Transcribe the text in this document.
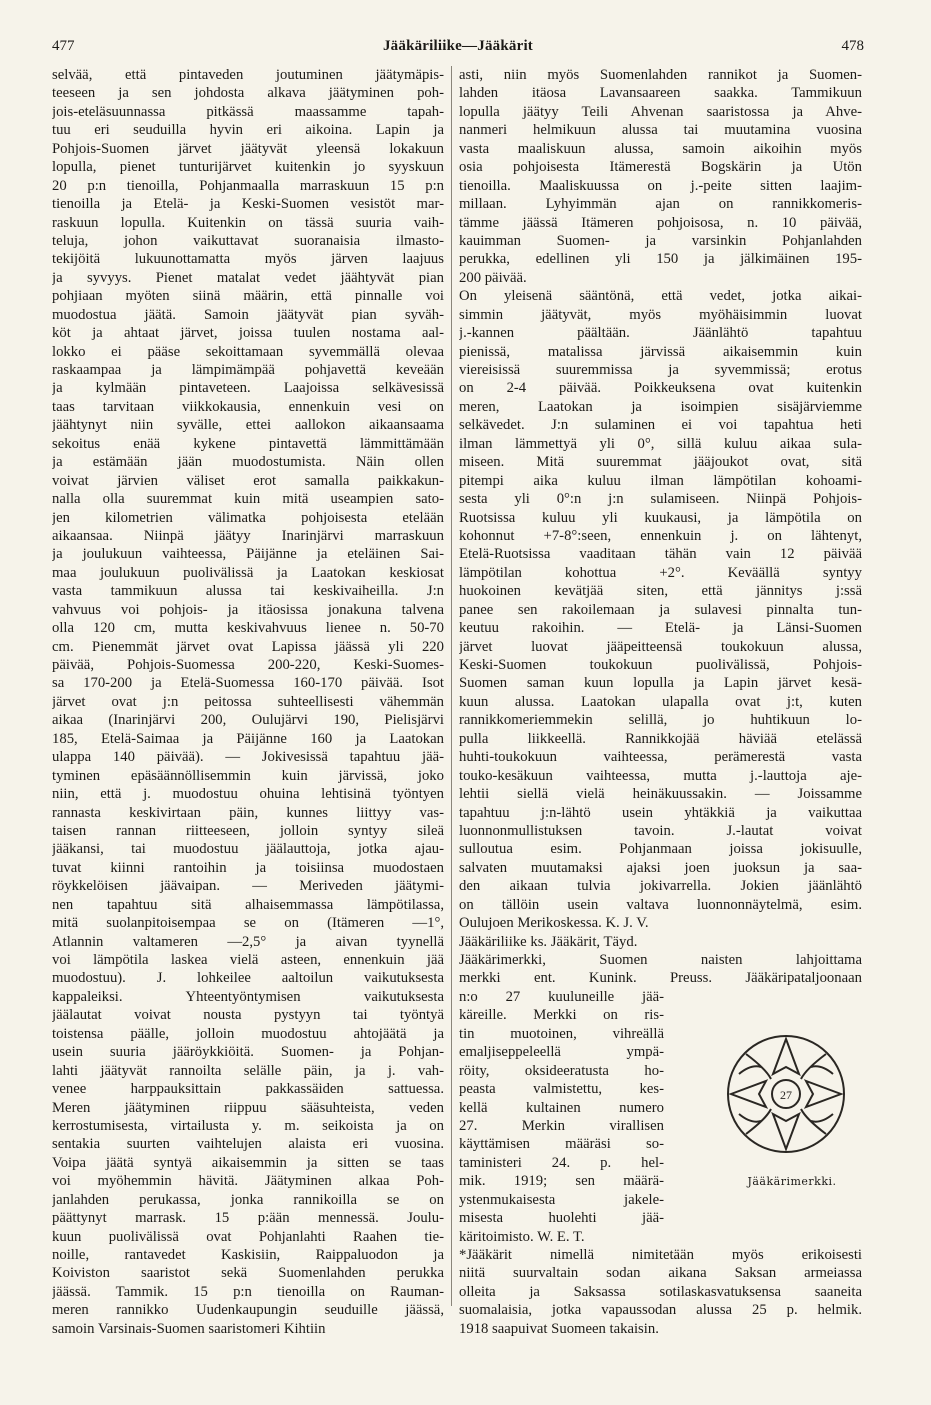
477	Jääkäriliike—Jääkärit	478
selvää, että pintaveden joutuminen jäätymäpis-
teeseen ja sen johdosta alkava jäätyminen poh-
jois-eteläsuunnassa pitkässä maassamme tapah-
tuu eri seuduilla hyvin eri aikoina. Lapin ja
Pohjois-Suomen järvet jäätyvät yleensä lokakuun
lopulla, pienet tunturijärvet kuitenkin jo syyskuun
20 p:n tienoilla, Pohjanmaalla marraskuun 15 p:n
tienoilla ja Etelä- ja Keski-Suomen vesistöt mar-
raskuun lopulla. Kuitenkin on tässä suuria vaih-
teluja, johon vaikuttavat suoranaisia ilmasto-
tekijöitä lukuunottamatta myös järven laajuus
ja syvyys. Pienet matalat vedet jäähtyvät pian
pohjiaan myöten siinä määrin, että pinnalle voi
muodostua jäätä. Samoin jäätyvät pian syväh-
köt ja ahtaat järvet, joissa tuulen nostama aal-
lokko ei pääse sekoittamaan syvemmällä olevaa
raskaampaa ja lämpimämpää pohjavettä keveään
ja kylmään pintaveteen. Laajoissa selkävesissä
taas tarvitaan viikkokausia, ennenkuin vesi on
jäähtynyt niin syvälle, ettei aallokon aikaansaama
sekoitus enää kykene pintavettä lämmittämään
ja estämään jään muodostumista. Näin ollen
voivat järvien väliset erot samalla paikkakun-
nalla olla suuremmat kuin mitä useampien sato-
jen kilometrien välimatka pohjoisesta etelään
aikaansaa. Niinpä jäätyy Inarinjärvi marraskuun
ja joulukuun vaihteessa, Päijänne ja eteläinen Sai-
maa joulukuun puolivälissä ja Laatokan keskiosat
vasta tammikuun alussa tai keskivaiheilla. J:n
vahvuus voi pohjois- ja itäosissa jonakuna talvena
olla 120 cm, mutta keskivahvuus lienee n. 50-70
cm. Pienemmät järvet ovat Lapissa jäässä yli 220
päivää, Pohjois-Suomessa 200-220, Keski-Suomes-
sa 170-200 ja Etelä-Suomessa 160-170 päivää. Isot
järvet ovat j:n peitossa suhteellisesti vähemmän
aikaa (Inarinjärvi 200, Oulujärvi 190, Pielisjärvi
185, Etelä-Saimaa ja Päijänne 160 ja Laatokan
ulappa 140 päivää). — Jokivesissä tapahtuu jää-
tyminen epäsäännöllisemmin kuin järvissä, joko
niin, että j. muodostuu ohuina lehtisinä työntyen
rannasta keskivirtaan päin, kunnes liittyy vas-
taisen rannan riitteeseen, jolloin syntyy sileä
jääkansi, tai muodostuu jäälauttoja, jotka ajau-
tuvat kiinni rantoihin ja toisiinsa muodostaen
röykkelöisen jäävaipan. — Meriveden jäätymi-
nen tapahtuu sitä alhaisemmassa lämpötilassa,
mitä suolanpitoisempaa se on (Itämeren —1°,
Atlannin valtameren —2,5° ja aivan tyynellä
voi lämpötila laskea vielä asteen, ennenkuin jää
muodostuu). J. lohkeilee aaltoilun vaikutuksesta
kappaleiksi. Yhteentyöntymisen vaikutuksesta
jäälautat voivat nousta pystyyn tai työntyä
toistensa päälle, jolloin muodostuu ahtojäätä ja
usein suuria jääröykkiöitä. Suomen- ja Pohjan-
lahti jäätyvät rannoilta selälle päin, ja j. vah-
venee harppauksittain pakkassäiden sattuessa.
Meren jäätyminen riippuu sääsuhteista, veden
kerrostumisesta, virtailusta y. m. seikoista ja on
sentakia suurten vaihtelujen alaista eri vuosina.
Voipa jäätä syntyä aikaisemmin ja sitten se taas
voi myöhemmin hävitä. Jäätyminen alkaa Poh-
janlahden perukassa, jonka rannikoilla se on
päättynyt marrask. 15 p:ään mennessä. Joulu-
kuun puolivälissä ovat Pohjanlahti Raahen tie-
noille, rantavedet Kaskisiin, Raippaluodon ja
Koiviston saaristot sekä Suomenlahden perukka
jäässä. Tammik. 15 p:n tienoilla on Rauman-
meren rannikko Uudenkaupungin seuduille jäässä,
samoin Varsinais-Suomen saaristomeri Kihtiin
asti, niin myös Suomenlahden rannikot ja Suomen-
lahden itäosa Lavansaareen saakka. Tammikuun
lopulla jäätyy Teili Ahvenan saaristossa ja Ahve-
nanmeri helmikuun alussa tai muutamina vuosina
vasta maaliskuun alussa, samoin aikoihin myös
osia pohjoisesta Itämerestä Bogskärin ja Utön
tienoilla. Maaliskuussa on j.-peite sitten laajim-
millaan. Lyhyimmän ajan on rannikkomeris-
tämme jäässä Itämeren pohjoisosa, n. 10 päivää,
kauimman Suomen- ja varsinkin Pohjanlahden
perukka, edellinen yli 150 ja jälkimäinen 195-
200 päivää.
On yleisenä sääntönä, että vedet, jotka aikai-
simmin jäätyvät, myös myöhäisimmin luovat
j.-kannen päältään. Jäänlähtö tapahtuu
pienissä, matalissa järvissä aikaisemmin kuin
viereisissä suuremmissa ja syvemmissä; erotus
on 2-4 päivää. Poikkeuksena ovat kuitenkin
meren, Laatokan ja isoimpien sisäjärviemme
selkävedet. J:n sulaminen ei voi tapahtua heti
ilman lämmettyä yli 0°, sillä kuluu aikaa sula-
miseen. Mitä suuremmat jääjoukot ovat, sitä
pitempi aika kuluu ilman lämpötilan kohoami-
sesta yli 0°:n j:n sulamiseen. Niinpä Pohjois-
Ruotsissa kuluu yli kuukausi, ja lämpötila on
kohonnut +7-8°:seen, ennenkuin j. on lähtenyt,
Etelä-Ruotsissa vaaditaan tähän vain 12 päivää
lämpötilan kohottua +2°. Keväällä syntyy
huokoinen kevätjää siten, että jännitys j:ssä
panee sen rakoilemaan ja sulavesi pinnalta tun-
keutuu rakoihin. — Etelä- ja Länsi-Suomen
järvet luovat jääpeitteensä toukokuun alussa,
Keski-Suomen toukokuun puolivälissä, Pohjois-
Suomen saman kuun lopulla ja Lapin järvet kesä-
kuun alussa. Laatokan ulapalla ovat j:t, kuten
rannikkomeriemmekin selillä, jo huhtikuun lo-
pulla liikkeellä. Rannikkojää häviää etelässä
huhti-toukokuun vaihteessa, perämerestä vasta
touko-kesäkuun vaihteessa, mutta j.-lauttoja aje-
lehtii siellä vielä heinäkuussakin. — Joissamme
tapahtuu j:n-lähtö usein yhtäkkiä ja vaikuttaa
luonnonmullistuksen tavoin. J.-lautat voivat
sulloutua esim. Pohjanmaan joissa jokisuulle,
salvaten muutamaksi ajaksi joen juoksun ja saa-
den aikaan tulvia jokivarrella. Jokien jäänlähtö
on tällöin usein valtava luonnonnäytelmä, esim.
Oulujoen Merikoskessa. K. J. V.
Jääkäriliike ks. Jääkärit, Täyd.
Jääkärimerkki, Suomen naisten lahjoittama
merkki ent. Kunink. Preuss. Jääkäripataljoonaan
n:o 27 kuuluneille jää-
käreille. Merkki on ris-
tin muotoinen, vihreällä
emaljiseppeleellä ympä-
röity, oksideeratusta ho-
peasta valmistettu, kes-
kellä kultainen numero
27. Merkin virallisen
käyttämisen määräsi so-
taministeri 24. p. hel-
mik. 1919; sen määrä-
ystenmukaisesta jakele-
misesta huolehti jää-
käritoimisto. W. E. T.
*Jääkärit nimellä nimitetään myös erikoisesti
niitä suurvaltain sodan aikana Saksan armeiassa
olleita ja Saksassa sotilaskasvatuksensa saaneita
suomalaisia, jotka vapaussodan alussa 25 p. helmik.
1918 saapuivat Suomeen takaisin.
27
Jääkärimerkki.
